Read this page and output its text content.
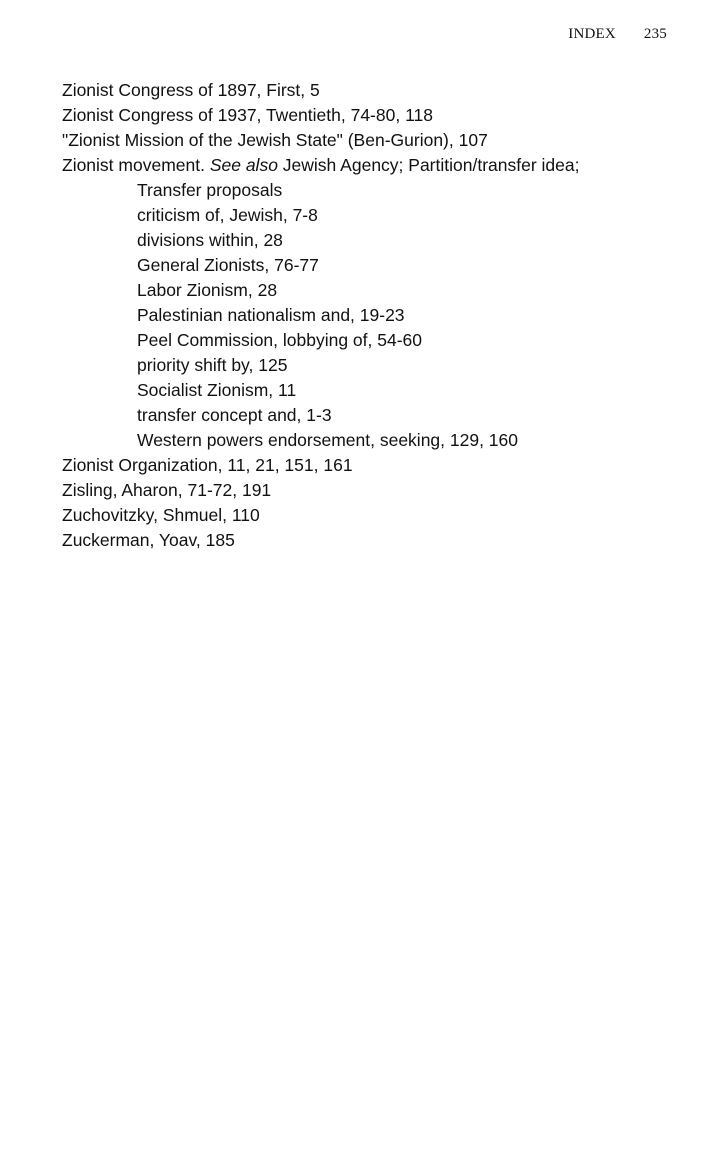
INDEX 235
Zionist Congress of 1897, First, 5
Zionist Congress of 1937, Twentieth, 74-80, 118
"Zionist Mission of the Jewish State" (Ben-Gurion), 107
Zionist movement. See also Jewish Agency; Partition/transfer idea;
Transfer proposals
criticism of, Jewish, 7-8
divisions within, 28
General Zionists, 76-77
Labor Zionism, 28
Palestinian nationalism and, 19-23
Peel Commission, lobbying of, 54-60
priority shift by, 125
Socialist Zionism, 11
transfer concept and, 1-3
Western powers endorsement, seeking, 129, 160
Zionist Organization, 11, 21, 151, 161
Zisling, Aharon, 71-72, 191
Zuchovitzky, Shmuel, 110
Zuckerman, Yoav, 185
